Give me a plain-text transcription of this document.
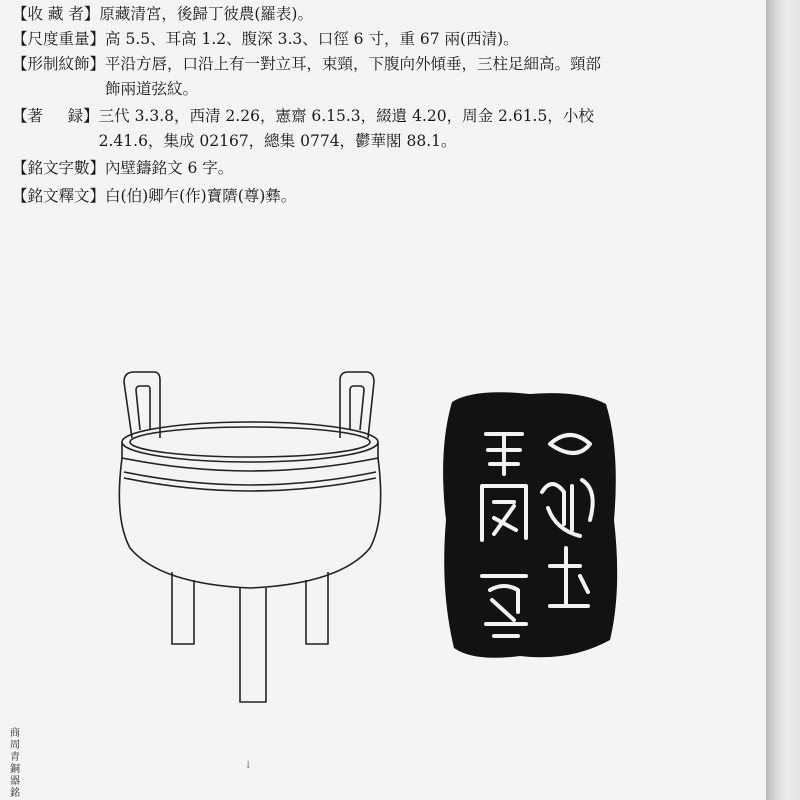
【收 藏 者】 原藏清宮，後歸丁彼農(羅表)。
【尺度重量】 高 5.5、耳高 1.2、腹深 3.3、口徑 6 寸，重 67 兩(西清)。
【形制紋飾】 平沿方唇，口沿上有一對立耳，束頸，下腹向外傾垂，三柱足細高。頸部
飾兩道弦紋。
【著     録】 三代 3.3.8，西清 2.26，憲齋 6.15.3，綴遺 4.20，周金 2.61.5，小校
2.41.6，集成 02167，總集 0774，鬱華閣 88.1。
【銘文字數】 內壁鑄銘文 6 字。
【銘文釋文】 白(伯)卿乍(作)寶隮(尊)彝。
商周青銅器銘
↓
